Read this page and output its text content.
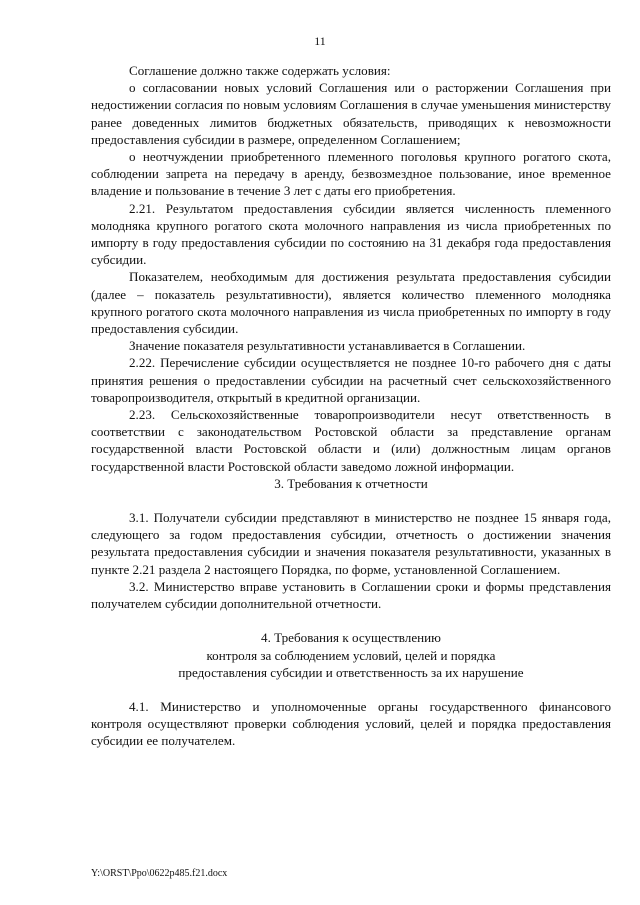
11

Соглашение должно также содержать условия:

о согласовании новых условий Соглашения или о расторжении Соглашения при недостижении согласия по новым условиям Соглашения в случае уменьшения министерству ранее доведенных лимитов бюджетных обязательств, приводящих к невозможности предоставления субсидии в размере, определенном Соглашением;

о неотчуждении приобретенного племенного поголовья крупного рогатого скота, соблюдении запрета на передачу в аренду, безвозмездное пользование, иное временное владение и пользование в течение 3 лет с даты его приобретения.

2.21. Результатом предоставления субсидии является численность племенного молодняка крупного рогатого скота молочного направления из числа приобретенных по импорту в году предоставления субсидии по состоянию на 31 декабря года предоставления субсидии.

Показателем, необходимым для достижения результата предоставления субсидии (далее – показатель результативности), является количество племенного молодняка крупного рогатого скота молочного направления из числа приобретенных по импорту в году предоставления субсидии.

Значение показателя результативности устанавливается в Соглашении.

2.22. Перечисление субсидии осуществляется не позднее 10-го рабочего дня с даты принятия решения о предоставлении субсидии на расчетный счет сельскохозяйственного товаропроизводителя, открытый в кредитной организации.

2.23. Сельскохозяйственные товаропроизводители несут ответственность в соответствии с законодательством Ростовской области за представление органам государственной власти Ростовской области и (или) должностным лицам органов государственной власти Ростовской области заведомо ложной информации.

3. Требования к отчетности

3.1. Получатели субсидии представляют в министерство не позднее 15 января года, следующего за годом предоставления субсидии, отчетность о достижении значения результата предоставления субсидии и значения показателя результативности, указанных в пункте 2.21 раздела 2 настоящего Порядка, по форме, установленной Соглашением.

3.2. Министерство вправе установить в Соглашении сроки и формы представления получателем субсидии дополнительной отчетности.

4. Требования к осуществлению

контроля за соблюдением условий, целей и порядка

предоставления субсидии и ответственность за их нарушение

4.1. Министерство и уполномоченные органы государственного финансового контроля осуществляют проверки соблюдения условий, целей и порядка предоставления субсидии ее получателем.

Y:\ORST\Ppo\0622p485.f21.docx
